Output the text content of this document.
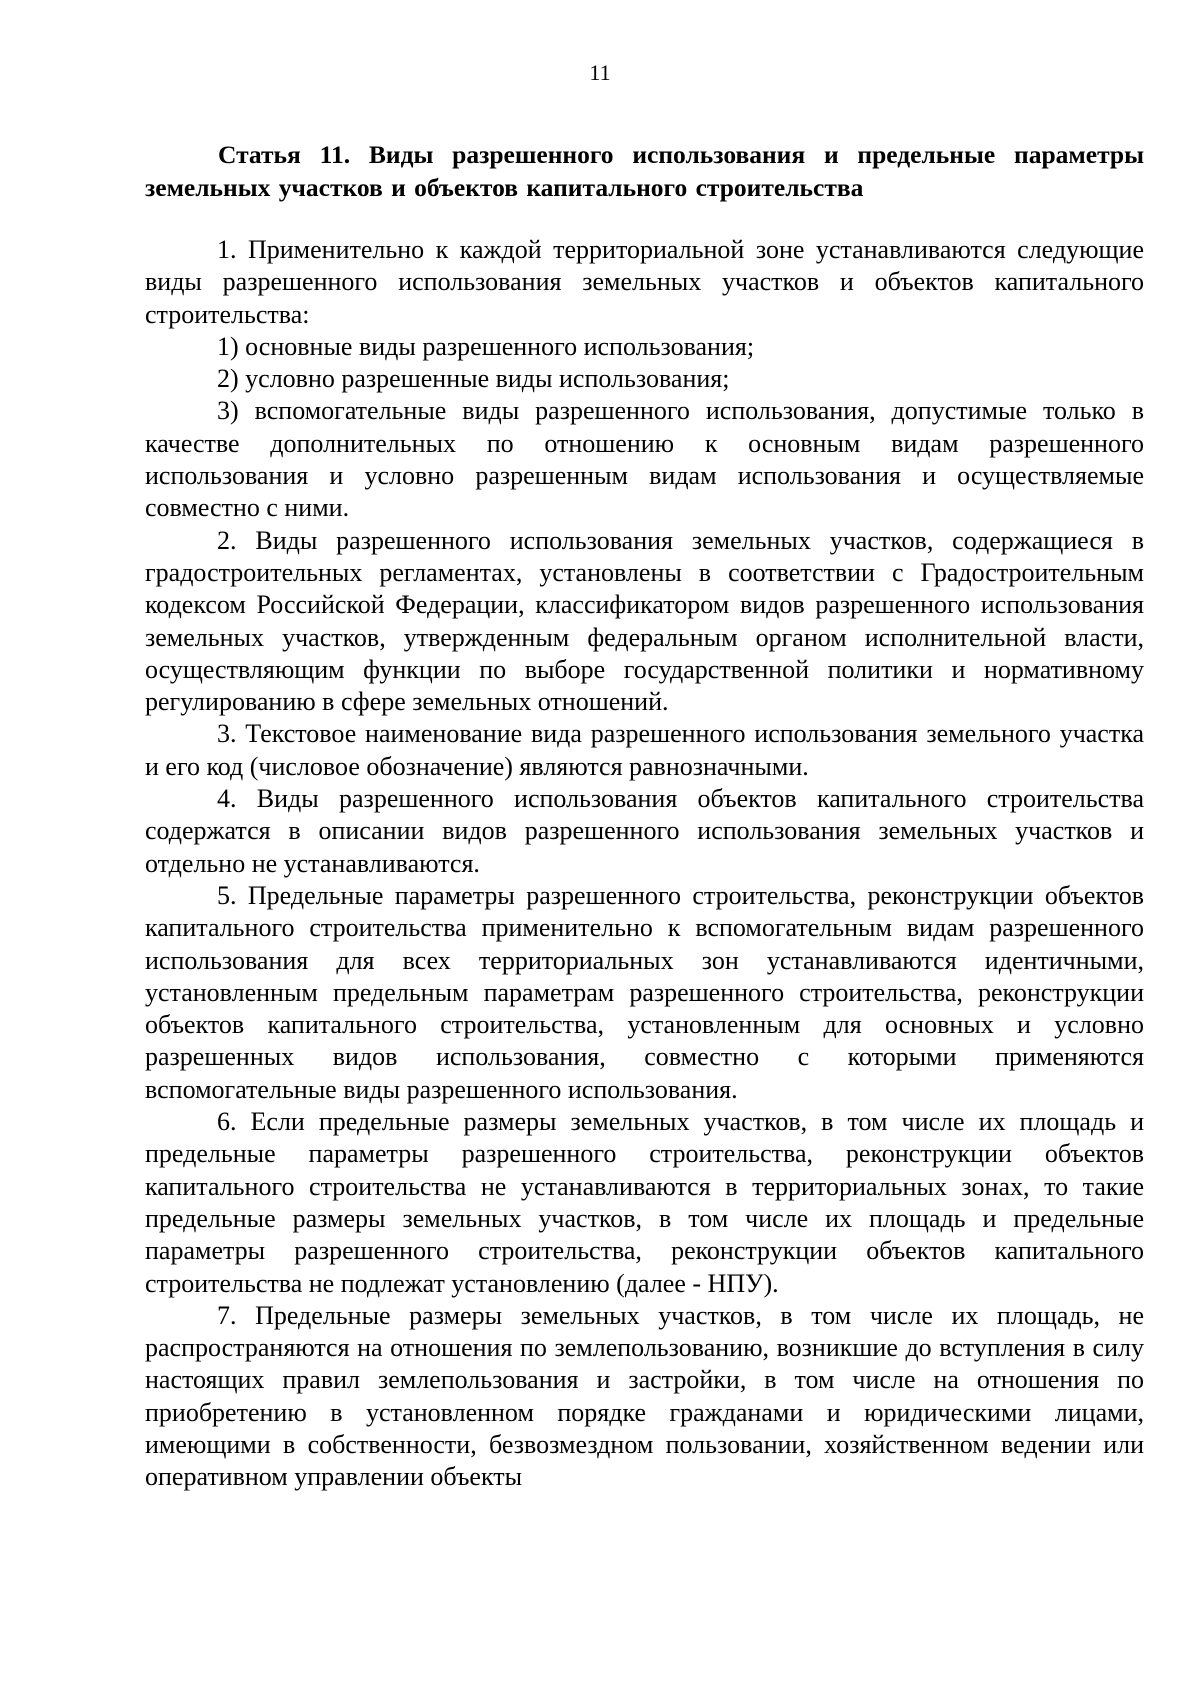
11
Статья 11. Виды разрешенного использования и предельные параметры земельных участков и объектов капитального строительства

1. Применительно к каждой территориальной зоне устанавливаются следующие виды разрешенного использования земельных участков и объектов капитального строительства:

1) основные виды разрешенного использования;

2) условно разрешенные виды использования;

3) вспомогательные виды разрешенного использования, допустимые только в качестве дополнительных по отношению к основным видам разрешенного использования и условно разрешенным видам использования и осуществляемые совместно с ними.

2. Виды разрешенного использования земельных участков, содержащиеся в градостроительных регламентах, установлены в соответствии с Градостроительным кодексом Российской Федерации, классификатором видов разрешенного использования земельных участков, утвержденным федеральным органом исполнительной власти, осуществляющим функции по выборе государственной политики и нормативному регулированию в сфере земельных отношений.

3. Текстовое наименование вида разрешенного использования земельного участка и его код (числовое обозначение) являются равнозначными.

4. Виды разрешенного использования объектов капитального строительства содержатся в описании видов разрешенного использования земельных участков и отдельно не устанавливаются.

5. Предельные параметры разрешенного строительства, реконструкции объектов капитального строительства применительно к вспомогательным видам разрешенного использования для всех территориальных зон устанавливаются идентичными, установленным предельным параметрам разрешенного строительства, реконструкции объектов капитального строительства, установленным для основных и условно разрешенных видов использования, совместно с которыми применяются вспомогательные виды разрешенного использования.

6. Если предельные размеры земельных участков, в том числе их площадь и предельные параметры разрешенного строительства, реконструкции объектов капитального строительства не устанавливаются в территориальных зонах, то такие предельные размеры земельных участков, в том числе их площадь и предельные параметры разрешенного строительства, реконструкции объектов капитального строительства не подлежат установлению (далее - НПУ).

7. Предельные размеры земельных участков, в том числе их площадь, не распространяются на отношения по землепользованию, возникшие до вступления в силу настоящих правил землепользования и застройки, в том числе на отношения по приобретению в установленном порядке гражданами и юридическими лицами, имеющими в собственности, безвозмездном пользовании, хозяйственном ведении или оперативном управлении объекты
